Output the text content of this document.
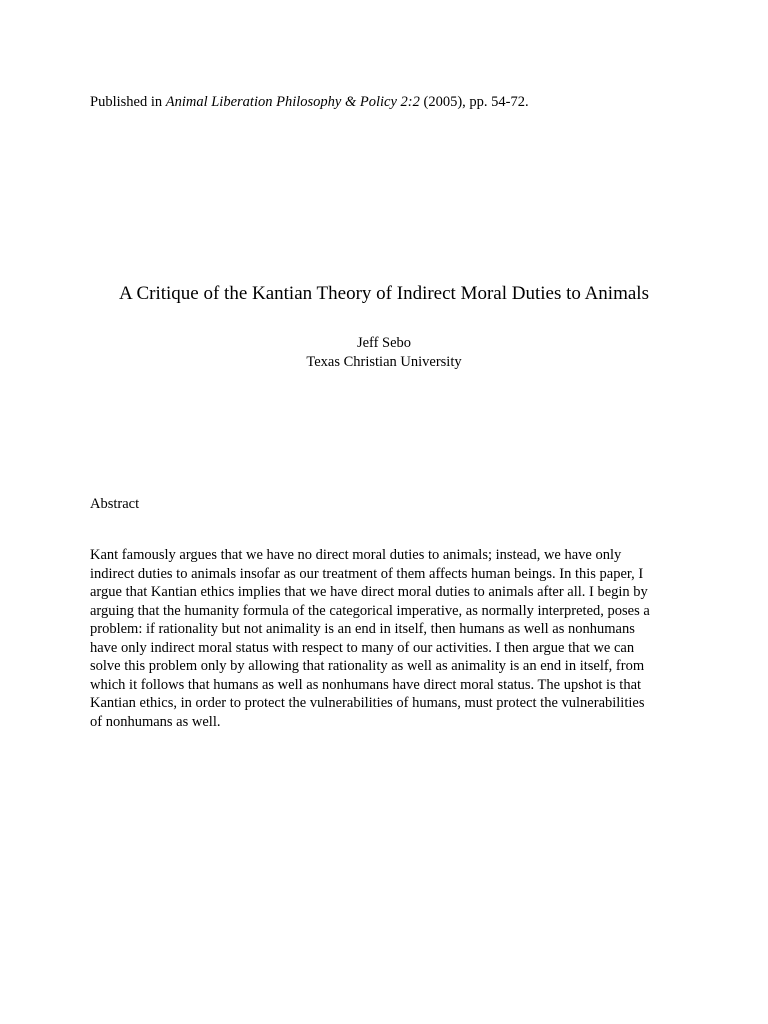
Published in Animal Liberation Philosophy & Policy 2:2 (2005), pp. 54-72.
A Critique of the Kantian Theory of Indirect Moral Duties to Animals
Jeff Sebo
Texas Christian University
Abstract
Kant famously argues that we have no direct moral duties to animals; instead, we have only
indirect duties to animals insofar as our treatment of them affects human beings. In this paper, I
argue that Kantian ethics implies that we have direct moral duties to animals after all. I begin by
arguing that the humanity formula of the categorical imperative, as normally interpreted, poses a
problem: if rationality but not animality is an end in itself, then humans as well as nonhumans
have only indirect moral status with respect to many of our activities. I then argue that we can
solve this problem only by allowing that rationality as well as animality is an end in itself, from
which it follows that humans as well as nonhumans have direct moral status. The upshot is that
Kantian ethics, in order to protect the vulnerabilities of humans, must protect the vulnerabilities
of nonhumans as well.
